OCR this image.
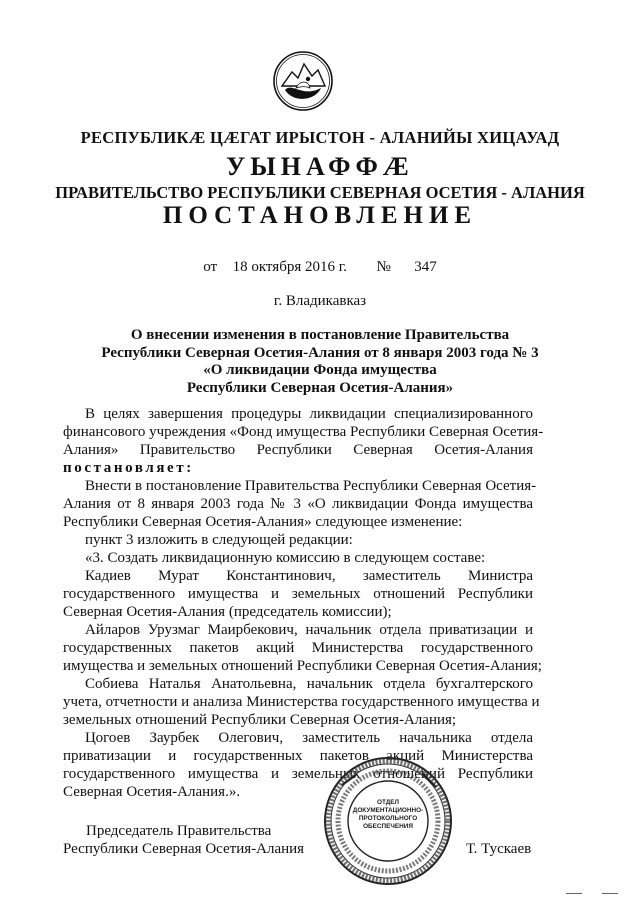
РЕСПУБЛИКӔ ЦӔГАТ ИРЫСТОН - АЛАНИЙЫ ХИЦАУАД
УЫНАФФӔ
ПРАВИТЕЛЬСТВО РЕСПУБЛИКИ СЕВЕРНАЯ ОСЕТИЯ - АЛАНИЯ
ПОСТАНОВЛЕНИЕ
от 18 октября 2016 г. № 347
г. Владикавказ
О внесении изменения в постановление Правительства
Республики Северная Осетия-Алания от 8 января 2003 года № 3
«О ликвидации Фонда имущества
Республики Северная Осетия-Алания»
В целях завершения процедуры ликвидации специализированного
финансового учреждения «Фонд имущества Республики Северная Осетия-
Алания» Правительство Республики Северная Осетия-Алания
постановляет:
Внести в постановление Правительства Республики Северная Осетия-
Алания от 8 января 2003 года № 3 «О ликвидации Фонда имущества
Республики Северная Осетия-Алания» следующее изменение:
пункт 3 изложить в следующей редакции:
«3. Создать ликвидационную комиссию в следующем составе:
Кадиев Мурат Константинович, заместитель Министра
государственного имущества и земельных отношений Республики
Северная Осетия-Алания (председатель комиссии);
Айларов Урузмаг Маирбекович, начальник отдела приватизации и
государственных пакетов акций Министерства государственного
имущества и земельных отношений Республики Северная Осетия-Алания;
Собиева Наталья Анатольевна, начальник отдела бухгалтерского
учета, отчетности и анализа Министерства государственного имущества и
земельных отношений Республики Северная Осетия-Алания;
Цогоев Заурбек Олегович, заместитель начальника отдела
приватизации и государственных пакетов акций Министерства
государственного имущества и земельных отношений Республики
Северная Осетия-Алания.».
ОТДЕЛ
ДОКУМЕНТАЦИОННО-
ПРОТОКОЛЬНОГО
ОБЕСПЕЧЕНИЯ
Председатель Правительства
Республики Северная Осетия-Алания	Т. Тускаев
